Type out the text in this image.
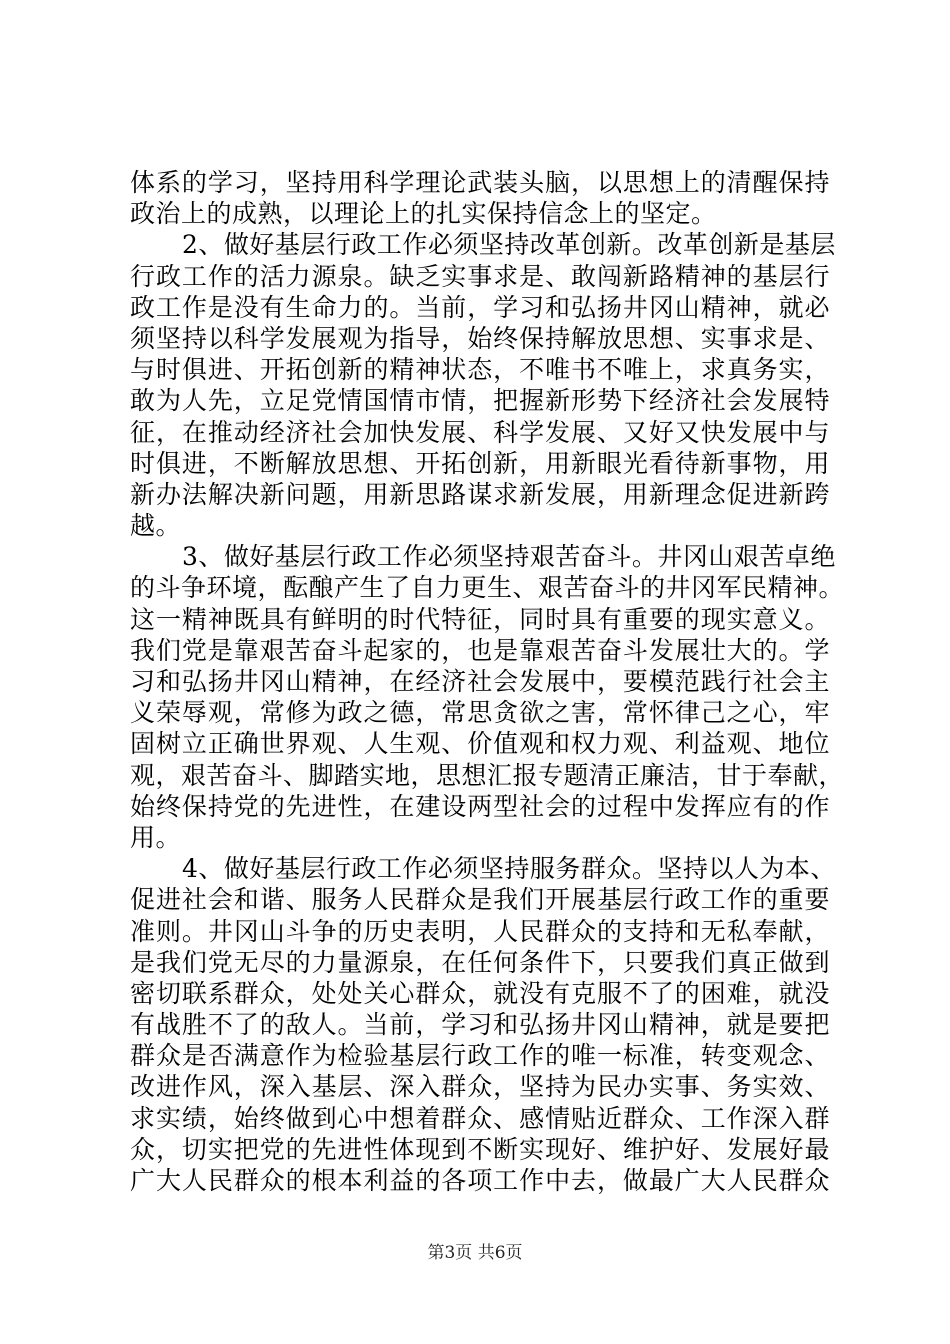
体系的学习，坚持用科学理论武装头脑，以思想上的清醒保持
政治上的成熟，以理论上的扎实保持信念上的坚定。
2、做好基层行政工作必须坚持改革创新。改革创新是基层
行政工作的活力源泉。缺乏实事求是、敢闯新路精神的基层行
政工作是没有生命力的。当前，学习和弘扬井冈山精神，就必
须坚持以科学发展观为指导，始终保持解放思想、实事求是、
与时俱进、开拓创新的精神状态，不唯书不唯上，求真务实，
敢为人先，立足党情国情市情，把握新形势下经济社会发展特
征，在推动经济社会加快发展、科学发展、又好又快发展中与
时俱进，不断解放思想、开拓创新，用新眼光看待新事物，用
新办法解决新问题，用新思路谋求新发展，用新理念促进新跨
越。
3、做好基层行政工作必须坚持艰苦奋斗。井冈山艰苦卓绝
的斗争环境，酝酿产生了自力更生、艰苦奋斗的井冈军民精神。
这一精神既具有鲜明的时代特征，同时具有重要的现实意义。
我们党是靠艰苦奋斗起家的，也是靠艰苦奋斗发展壮大的。学
习和弘扬井冈山精神，在经济社会发展中，要模范践行社会主
义荣辱观，常修为政之德，常思贪欲之害，常怀律己之心，牢
固树立正确世界观、人生观、价值观和权力观、利益观、地位
观，艰苦奋斗、脚踏实地，思想汇报专题清正廉洁，甘于奉献，
始终保持党的先进性，在建设两型社会的过程中发挥应有的作
用。
4、做好基层行政工作必须坚持服务群众。坚持以人为本、
促进社会和谐、服务人民群众是我们开展基层行政工作的重要
准则。井冈山斗争的历史表明，人民群众的支持和无私奉献，
是我们党无尽的力量源泉，在任何条件下，只要我们真正做到
密切联系群众，处处关心群众，就没有克服不了的困难，就没
有战胜不了的敌人。当前，学习和弘扬井冈山精神，就是要把
群众是否满意作为检验基层行政工作的唯一标准，转变观念、
改进作风，深入基层、深入群众，坚持为民办实事、务实效、
求实绩，始终做到心中想着群众、感情贴近群众、工作深入群
众，切实把党的先进性体现到不断实现好、维护好、发展好最
广大人民群众的根本利益的各项工作中去，做最广大人民群众
第3页 共6页
